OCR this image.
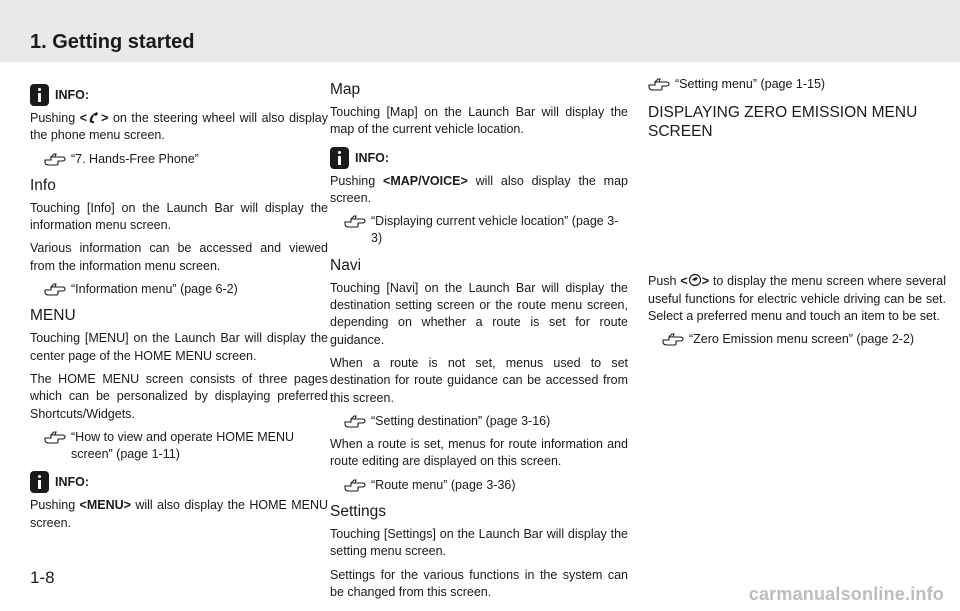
1. Getting started
INFO:

Pushing < > on the steering wheel will also display the phone menu screen.

“7. Hands-Free Phone”
Info

Touching [Info] on the Launch Bar will display the information menu screen.

Various information can be accessed and viewed from the information menu screen.

“Information menu” (page 6-2)
MENU

Touching [MENU] on the Launch Bar will display the center page of the HOME MENU screen.

The HOME MENU screen consists of three pages which can be personalized by displaying preferred Shortcuts/Widgets.

“How to view and operate HOME MENU screen” (page 1-11)
INFO:

Pushing <MENU> will also display the HOME MENU screen.

Map

Touching [Map] on the Launch Bar will display the map of the current vehicle location.

INFO:

Pushing <MAP/VOICE> will also display the map screen.

“Displaying current vehicle location” (page 3-3)
Navi

Touching [Navi] on the Launch Bar will display the destination setting screen or the route menu screen, depending on whether a route is set for route guidance.

When a route is not set, menus used to set destination for route guidance can be accessed from this screen.

“Setting destination” (page 3-16)

When a route is set, menus for route information and route editing are displayed on this screen.

“Route menu” (page 3-36)
Settings

Touching [Settings] on the Launch Bar will display the setting menu screen.

Settings for the various functions in the system can be changed from this screen.

“Setting menu” (page 1-15)
DISPLAYING ZERO EMISSION MENU SCREEN

Push < > to display the menu screen where several useful functions for electric vehicle driving can be set. Select a preferred menu and touch an item to be set.

“Zero Emission menu screen” (page 2-2)
1-8
carmanualsonline.info
